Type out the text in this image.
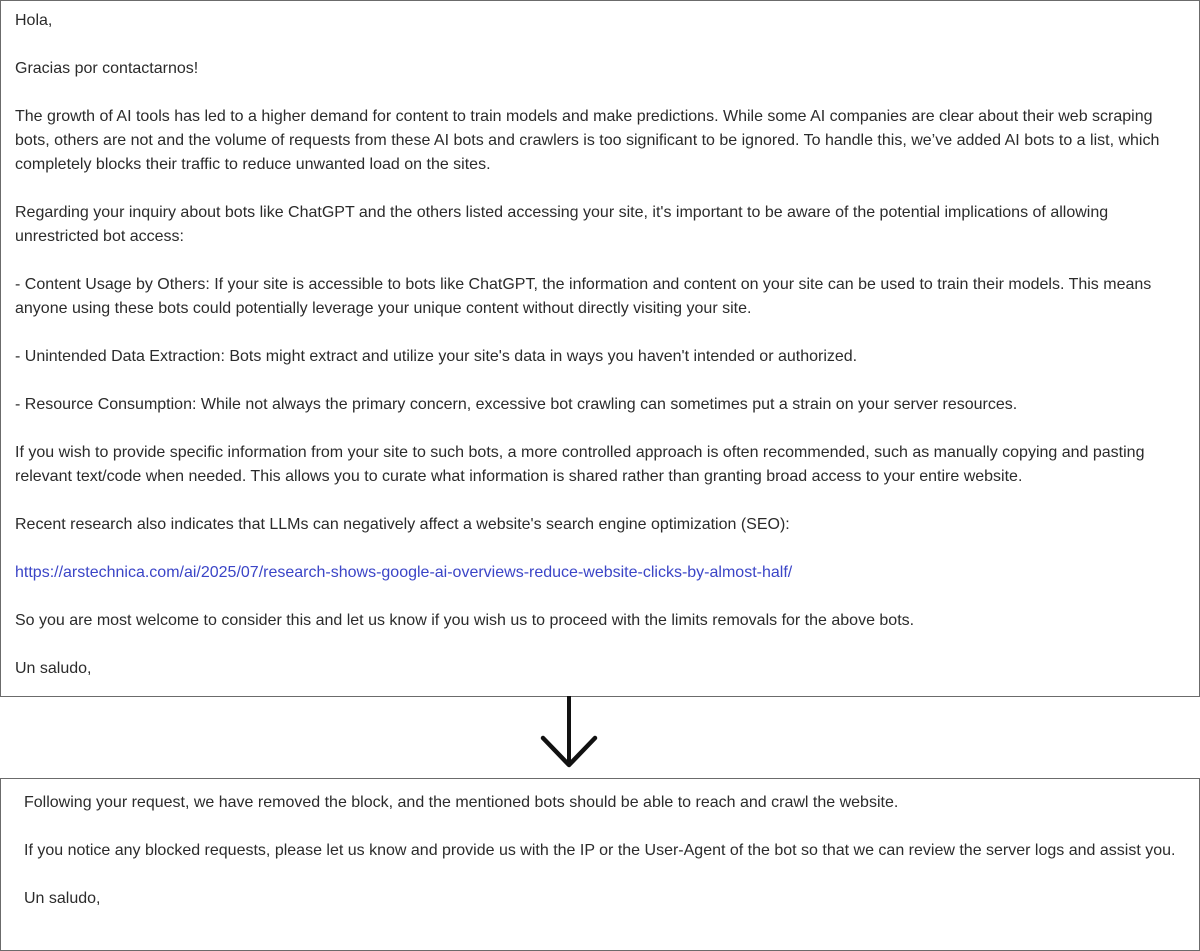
Hola,

Gracias por contactarnos!

The growth of AI tools has led to a higher demand for content to train models and make predictions. While some AI companies are clear about their web scraping bots, others are not and the volume of requests from these AI bots and crawlers is too significant to be ignored. To handle this, we’ve added AI bots to a list, which completely blocks their traffic to reduce unwanted load on the sites.

Regarding your inquiry about bots like ChatGPT and the others listed accessing your site, it's important to be aware of the potential implications of allowing unrestricted bot access:

- Content Usage by Others: If your site is accessible to bots like ChatGPT, the information and content on your site can be used to train their models. This means anyone using these bots could potentially leverage your unique content without directly visiting your site.

- Unintended Data Extraction: Bots might extract and utilize your site's data in ways you haven't intended or authorized.

- Resource Consumption: While not always the primary concern, excessive bot crawling can sometimes put a strain on your server resources.

If you wish to provide specific information from your site to such bots, a more controlled approach is often recommended, such as manually copying and pasting relevant text/code when needed. This allows you to curate what information is shared rather than granting broad access to your entire website.

Recent research also indicates that LLMs can negatively affect a website's search engine optimization (SEO):

https://arstechnica.com/ai/2025/07/research-shows-google-ai-overviews-reduce-website-clicks-by-almost-half/

So you are most welcome to consider this and let us know if you wish us to proceed with the limits removals for the above bots.

Un saludo,

Following your request, we have removed the block, and the mentioned bots should be able to reach and crawl the website.

If you notice any blocked requests, please let us know and provide us with the IP or the User-Agent of the bot so that we can review the server logs and assist you.

Un saludo,
